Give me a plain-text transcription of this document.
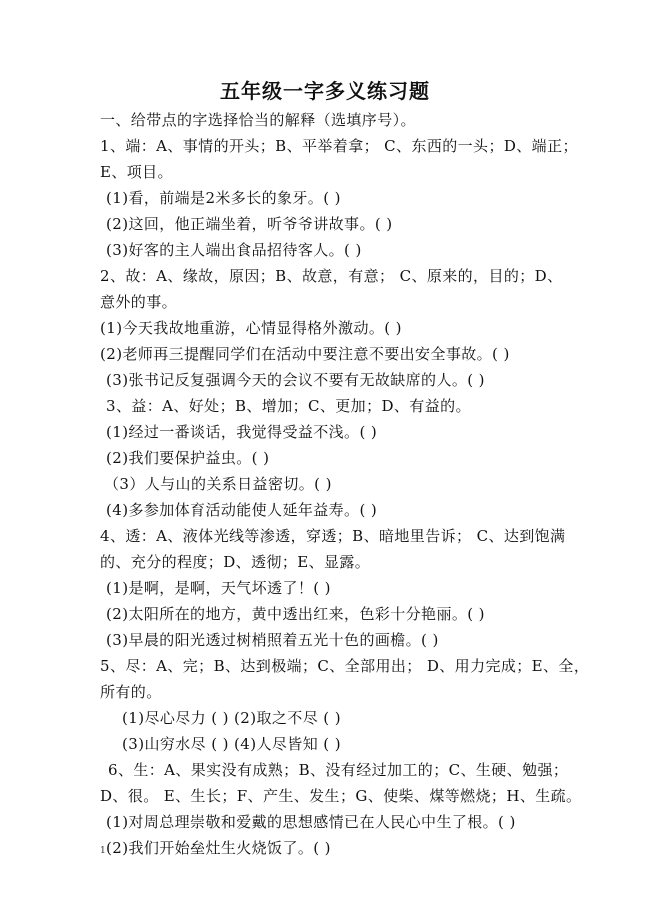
五年级一字多义练习题
一、给带点的字选择恰当的解释（选填序号）。
1、端：A、事情的开头；B、平举着拿； C、东西的一头；D、端正；
E、项目。
(1)看，前端是2米多长的象牙。( )
(2)这回，他正端坐着，听爷爷讲故事。( )
(3)好客的主人端出食品招待客人。( )
2、故：A、缘故，原因；B、故意，有意； C、原来的，目的；D、
意外的事。
(1)今天我故地重游，心情显得格外激动。( )
(2)老师再三提醒同学们在活动中要注意不要出安全事故。( )
(3)张书记反复强调今天的会议不要有无故缺席的人。( )
3、益：A、好处；B、增加；C、更加；D、有益的。
(1)经过一番谈话，我觉得受益不浅。( )
(2)我们要保护益虫。( )
（3）人与山的关系日益密切。( )
(4)多参加体育活动能使人延年益寿。( )
4、透：A、液体光线等渗透，穿透；B、暗地里告诉； C、达到饱满
的、充分的程度；D、透彻；E、显露。
(1)是啊，是啊，天气坏透了！( )
(2)太阳所在的地方，黄中透出红来，色彩十分艳丽。( )
(3)早晨的阳光透过树梢照着五光十色的画檐。( )
5、尽：A、完；B、达到极端；C、全部用出； D、用力完成；E、全，
所有的。
(1)尽心尽力 ( ) (2)取之不尽 ( )
(3)山穷水尽 ( ) (4)人尽皆知 ( )
6、生：A、果实没有成熟；B、没有经过加工的；C、生硬、勉强；
D、很。 E、生长；F、产生、发生；G、使柴、煤等燃烧；H、生疏。
(1)对周总理崇敬和爱戴的思想感情已在人民心中生了根。( )
(2)我们开始垒灶生火烧饭了。( )
1
